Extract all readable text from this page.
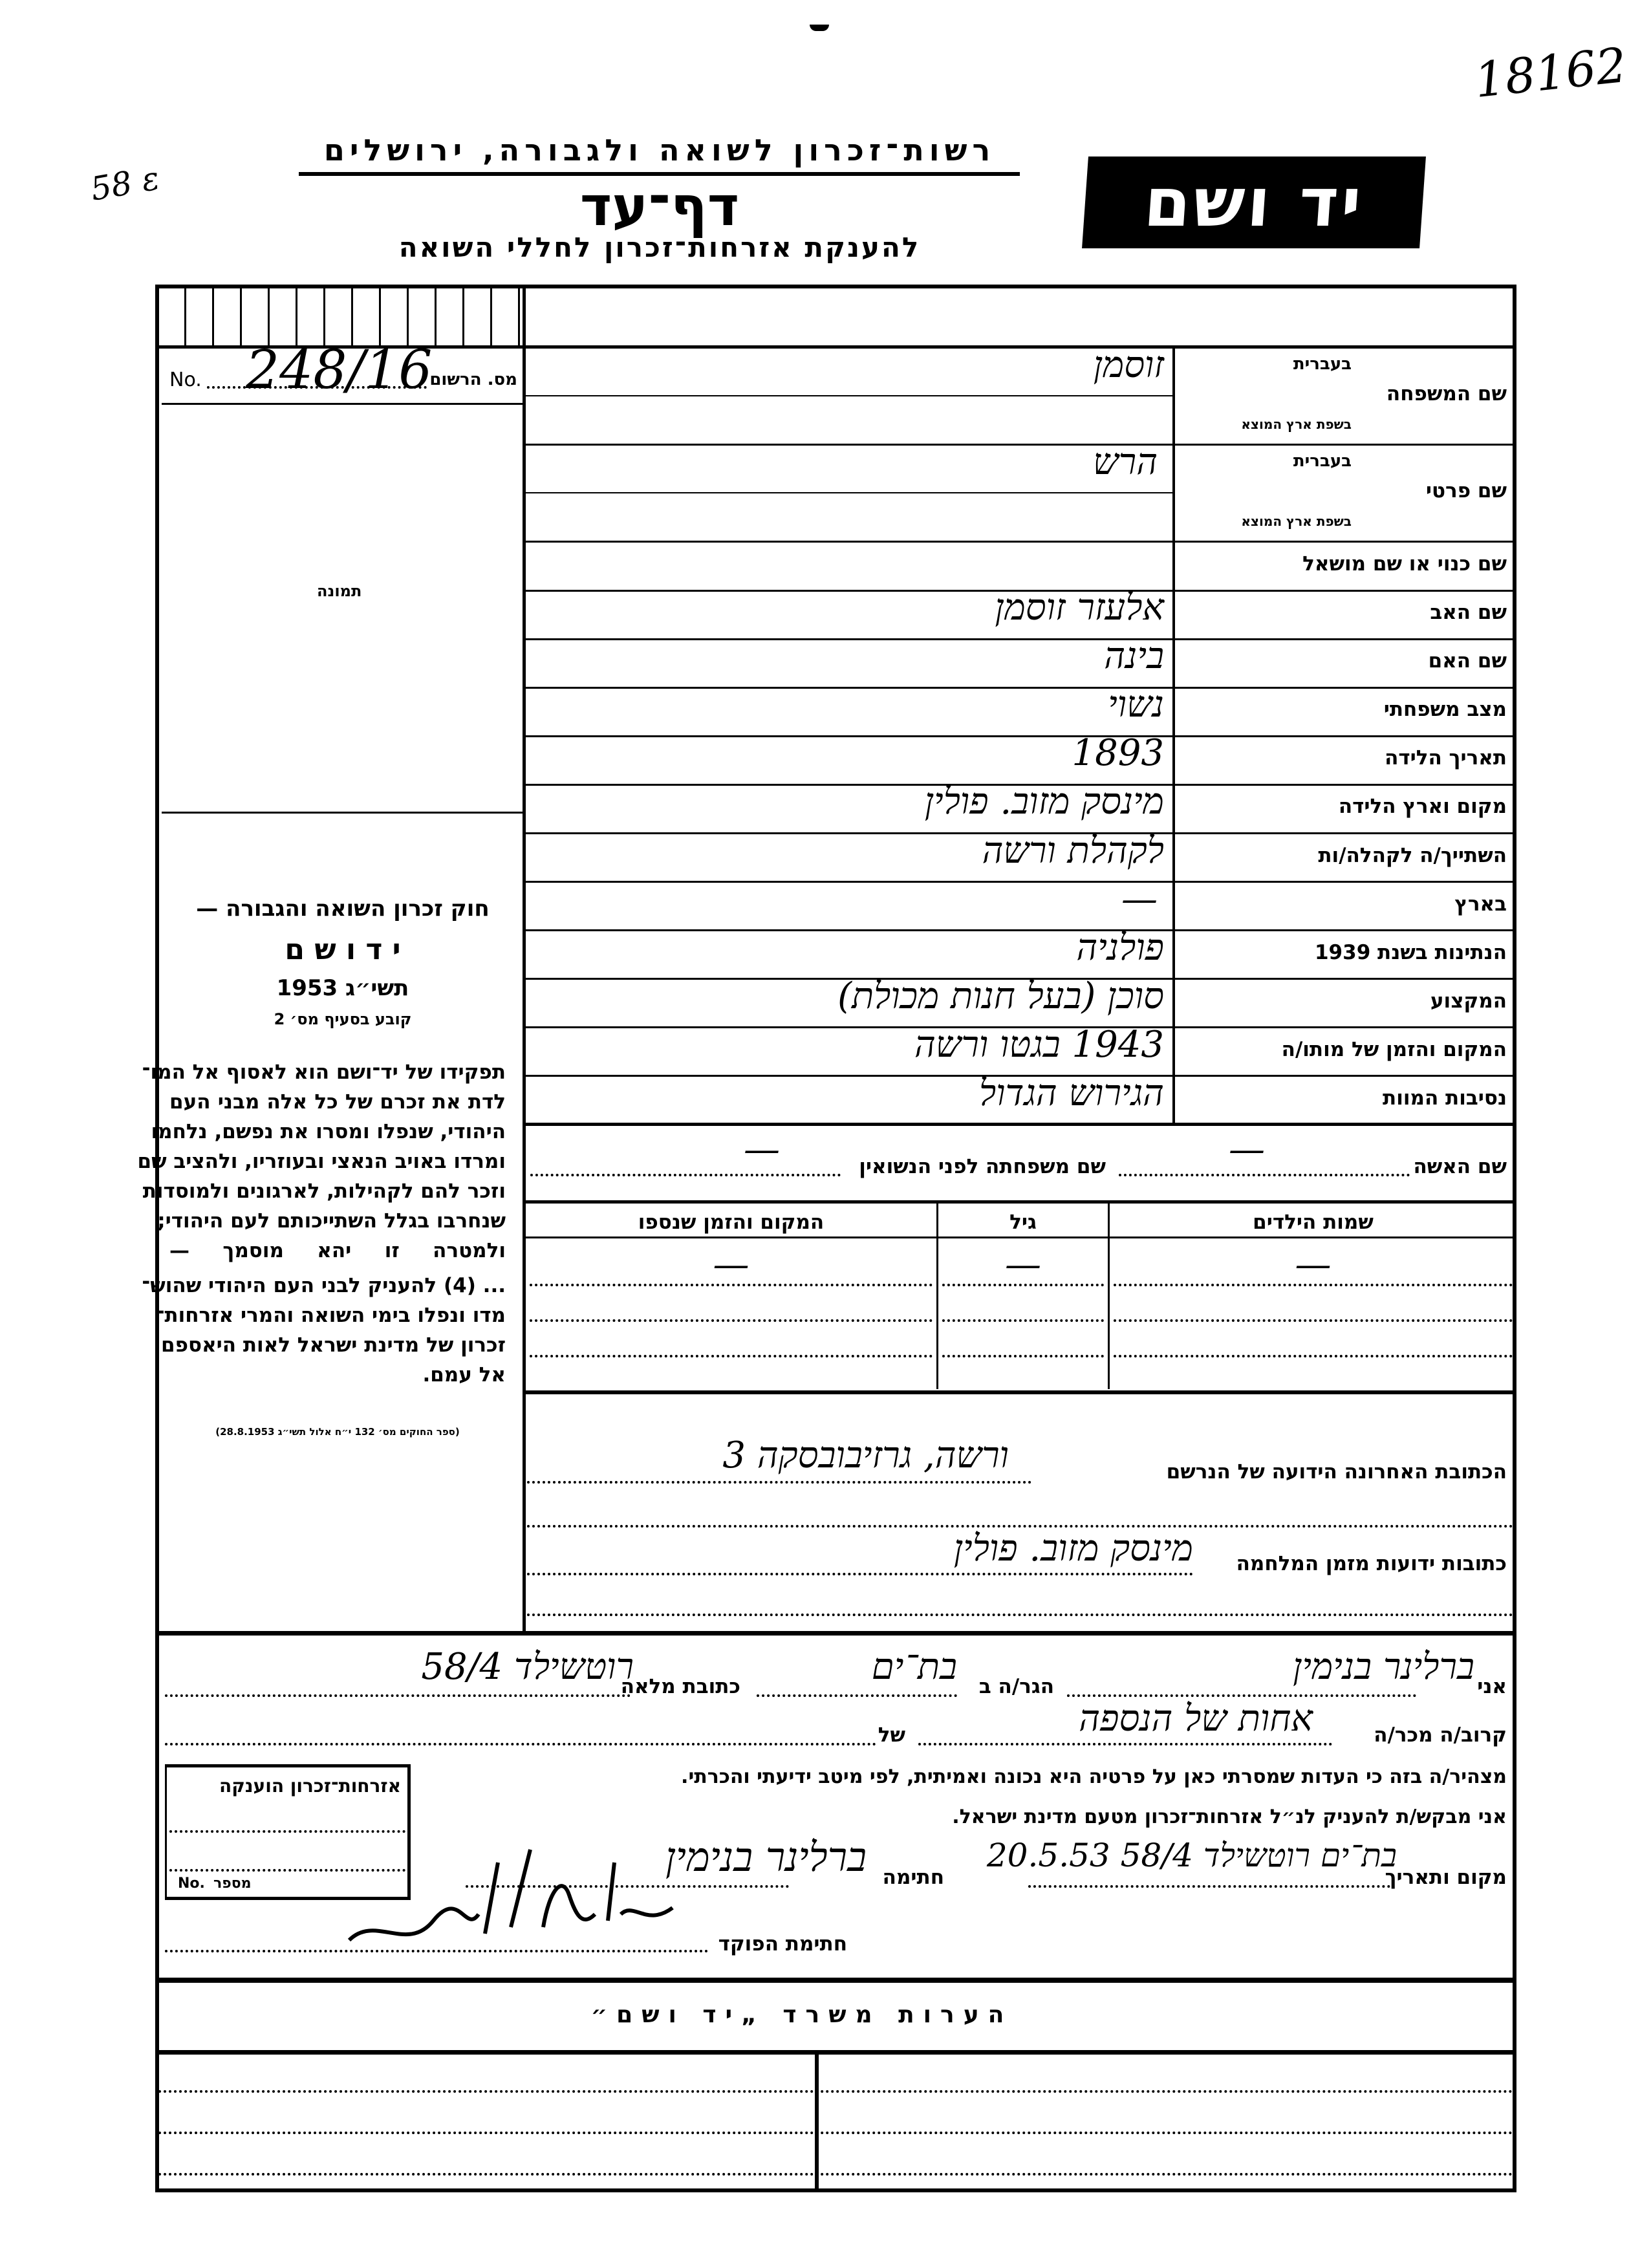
18162
58 ε
רשות־זכרון לשואה ולגבורה, ירושלים
דף־עד
להענקת אזרחות־זכרון לחללי השואה
יד ושם
No. 248/16
מס. הרשום
תמונה
חוק זכרון השואה והגבורה —
י ד ו ש ם
תשי״ג 1953
קובע בסעיף מס׳ 2
תפקידו של יד־ושם הוא לאסוף אל המו־
לדת את זכרם של כל אלה מבני העם
היהודי, שנפלו ומסרו את נפשם, נלחמו
ומרדו באויב הנאצי ובעוזריו, ולהציב שם
וזכר להם לקהילות, לארגונים ולמוסדות
שנחרבו בגלל השתייכותם לעם היהודי;
ולמטרה זו יהא מוסמך —
... (4) להעניק לבני העם היהודי שהוש־
מדו ונפלו בימי השואה והמרי אזרחות־
זכרון של מדינת ישראל לאות היאספם
אל עמם.
(ספר החוקים מס׳ 132 י״ח אלול תשי״ג 28.8.1953)
שם המשפחה
בעברית
בשפת ארץ המוצא
זוסמן
שם פרטי
בעברית
בשפת ארץ המוצא
הרש
שם כנוי או שם מושאל
שם האב
אלעזר זוסמן
שם האם
בינה
מצב משפחתי
נשוי
תאריך הלידה
1893
מקום וארץ הלידה
מינסק מזוב. פולין
השתייך/ה לקהלה/ות
לקהלת ורשה
בארץ
—
הנתינות בשנת 1939
פולניה
המקצוע
סוכן (בעל חנות מכולת)
המקום והזמן של מותו/ה
1943 בגטו ורשה
נסיבות המוות
הגירוש הגדול
שם האשה
—
שם משפחתה לפני הנשואין
—
שמות הילדים
גיל
המקום והזמן שנספו
—
—
—
הכתובת האחרונה הידועה של הנרשם
ורשה, גרזיבובסקה 3
כתובות ידועות מזמן המלחמה
מינסק מזוב. פולין
אני
ברלינר בנימין
הגר/ה ב
בת־ים
כתובת מלאה
רוטשילד 58/4
קרוב/ה מכר/ה
אחות של הנספה
של
מצהיר/ה בזה כי העדות שמסרתי כאן על פרטיה היא נכונה ואמיתית, לפי מיטב ידיעתי והכרתי.
אני מבקש/ת להעניק לנ״ל אזרחות־זכרון מטעם מדינת ישראל.
מקום ותאריך
בת־ים רוטשילד 58/4 20.5.53
חתימה
ברלינר בנימין
חתימת הפוקד
אזרחות־זכרון הוענקה
No. מספר
הערות משרד „יד ושם״
